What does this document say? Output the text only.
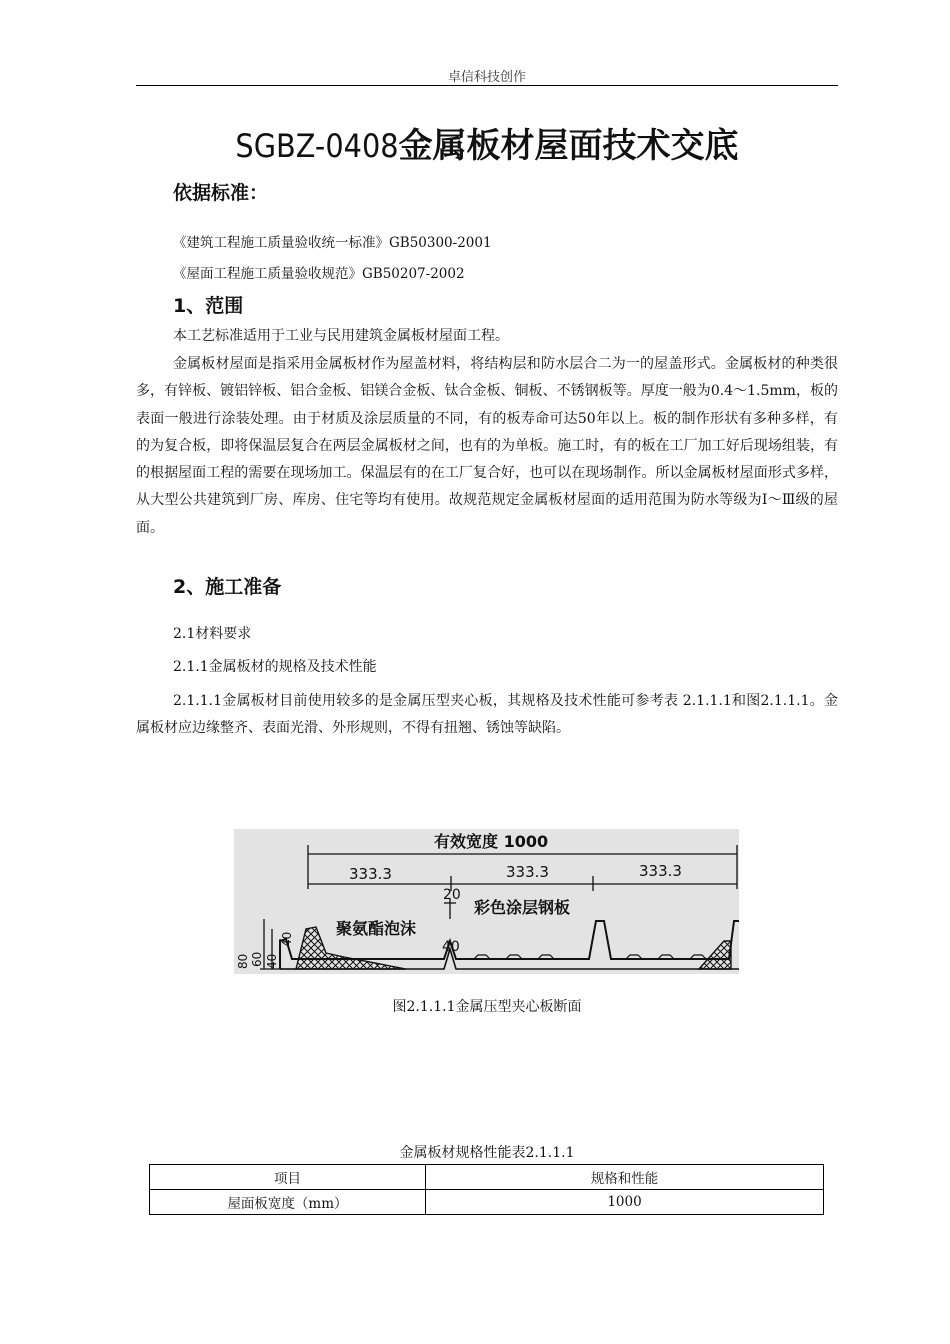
卓信科技创作
SGBZ-0408金属板材屋面技术交底
依据标准：
《建筑工程施工质量验收统一标准》GB50300-2001
《屋面工程施工质量验收规范》GB50207-2002
1、范围
本工艺标准适用于工业与民用建筑金属板材屋面工程。
金属板材屋面是指采用金属板材作为屋盖材料，将结构层和防水层合二为一的屋盖形式。金属板材的种类很多，有锌板、镀铝锌板、铝合金板、铝镁合金板、钛合金板、铜板、不锈钢板等。厚度一般为0.4～1.5mm，板的表面一般进行涂装处理。由于材质及涂层质量的不同，有的板寿命可达50年以上。板的制作形状有多种多样，有的为复合板，即将保温层复合在两层金属板材之间，也有的为单板。施工时，有的板在工厂加工好后现场组装，有的根据屋面工程的需要在现场加工。保温层有的在工厂复合好，也可以在现场制作。所以金属板材屋面形式多样，从大型公共建筑到厂房、库房、住宅等均有使用。故规范规定金属板材屋面的适用范围为防水等级为Ⅰ～Ⅲ级的屋面。
2、施工准备
2.1材料要求
2.1.1金属板材的规格及技术性能
2.1.1.1金属板材目前使用较多的是金属压型夹心板，其规格及技术性能可参考表 2.1.1.1和图2.1.1.1。金属板材应边缘整齐、表面光滑、外形规则，不得有扭翘、锈蚀等缺陷。
有效宽度 1000
333.3	333.3	333.3
20
40
聚氨酯泡沫
彩色涂层钢板
80 60 40
40
图2.1.1.1金属压型夹心板断面
金属板材规格性能表2.1.1.1
项目	规格和性能
屋面板宽度（mm）	1000
